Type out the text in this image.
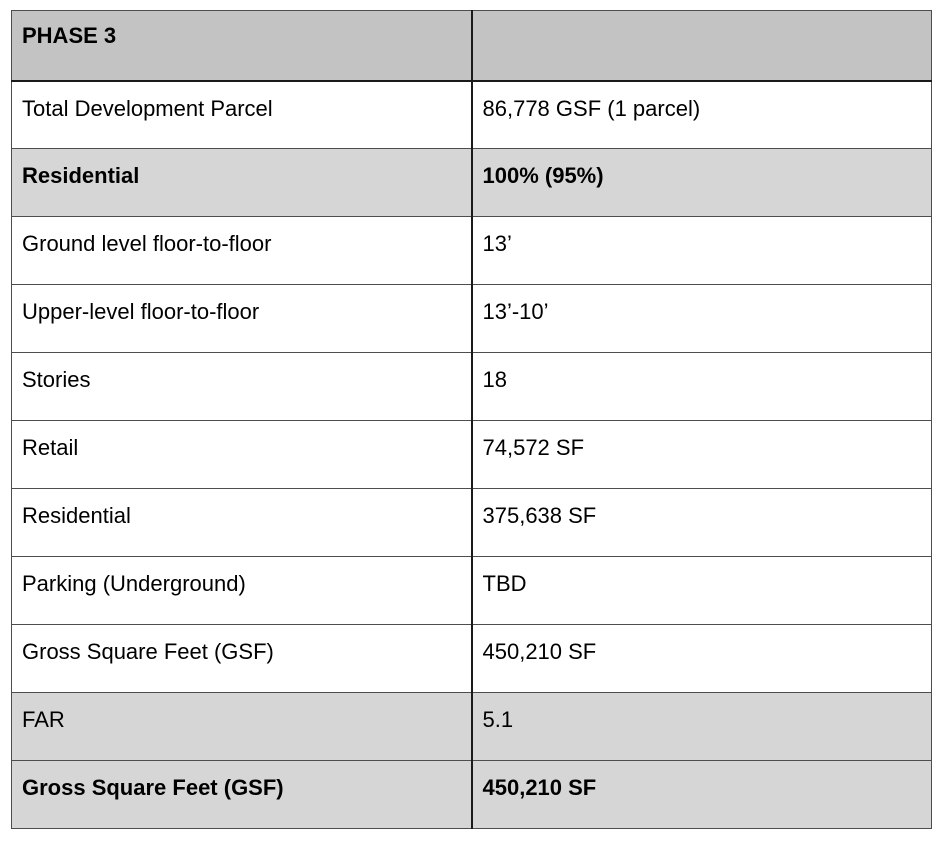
PHASE 3	
Total Development Parcel	86,778 GSF (1 parcel)
Residential	100% (95%)
Ground level floor-to-floor	13’
Upper-level floor-to-floor	13’-10’
Stories	18
Retail	74,572 SF
Residential	375,638 SF
Parking (Underground)	TBD
Gross Square Feet (GSF)	450,210 SF
FAR	5.1
Gross Square Feet (GSF)	450,210 SF
